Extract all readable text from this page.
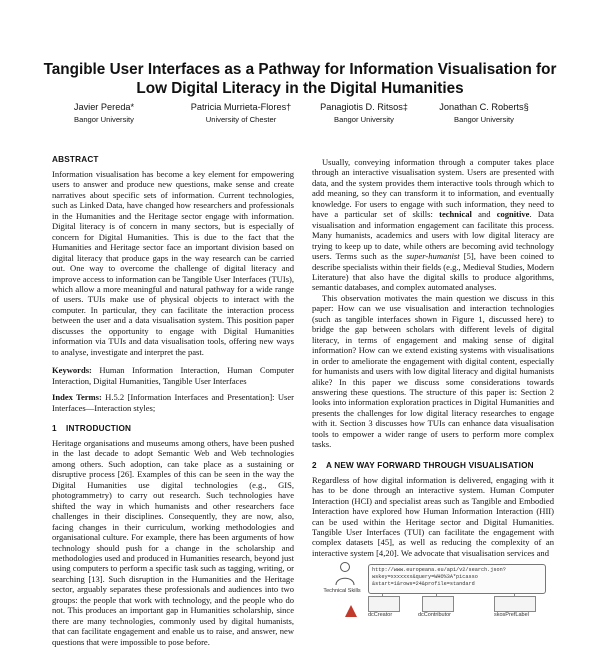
Tangible User Interfaces as a Pathway for Information Visualisation for
Low Digital Literacy in the Digital Humanities
Javier Pereda*
Bangor University
Patricia Murrieta-Flores†
University of Chester
Panagiotis D. Ritsos‡
Bangor University
Jonathan C. Roberts§
Bangor University
ABSTRACT

Information visualisation has become a key element for empowering users to answer and produce new questions, make sense and create narratives about specific sets of information. Current technologies, such as Linked Data, have changed how researchers and professionals in the Humanities and the Heritage sector engage with information. Digital literacy is of concern in many sectors, but is especially of concern for Digital Humanities. This is due to the fact that the Humanities and Heritage sector face an important division based on digital literacy that produce gaps in the way research can be carried out. One way to overcome the challenge of digital literacy and improve access to information can be Tangible User Interfaces (TUIs), which allow a more meaningful and natural pathway for a wide range of users. TUIs make use of physical objects to interact with the computer. In particular, they can facilitate the interaction process between the user and a data visualisation system. This position paper discusses the opportunity to engage with Digital Humanities information via TUIs and data visualisation tools, offering new ways to analyse, investigate and interpret the past.

Keywords: Human Information Interaction, Human Computer Interaction, Digital Humanities, Tangible User Interfaces

Index Terms: H.5.2 [Information Interfaces and Presentation]: User Interfaces—Interaction styles;

1 INTRODUCTION

Heritage organisations and museums among others, have been pushed in the last decade to adopt Semantic Web and Web technologies among others. Such adoption, can take place as a sustaining or disruptive process [26]. Examples of this can be seen in the way the Digital Humanities use digital technologies (e.g., GIS, photogrammetry) to carry out research. Such technologies have shifted the way in which humanists and other researchers face challenges in their disciplines. Consequently, they are now, also, facing changes in their curriculum, working methodologies and organisational culture. For example, there has been arguments of how technology should push for a change in the scholarship and methodologies used and produced in Humanities research, beyond just using computers to perform a specific task such as tagging, writing, or searching [13]. Such disruption in the Humanities and the Heritage sector, arguably separates these professionals and audiences into two groups: the people that work with technology, and the people who do not. This produces an important gap in Humanities scholarship, since there are many technologies, commonly used by digital humanists, that can facilitate engagement and enable us to raise, and answer, new questions that were impossible to pose before.

Usually, conveying information through a computer takes place through an interactive visualisation system. Users are presented with data, and the system provides them interactive tools through which to add meaning, so they can transform it to information, and eventually knowledge. For users to engage with such information, they need to have a particular set of skills: technical and cognitive. Data visualisation and information engagement can facilitate this process. Many humanists, academics and users with low digital literacy are trying to keep up to date, while others are becoming avid technology users. Terms such as the super-humanist [5], have been coined to describe specialists within their fields (e.g., Medieval Studies, Modern Literature) that also have the digital skills to produce algorithms, semantic databases, and complex automated analyses.

This observation motivates the main question we discuss in this paper: How can we use visualisation and interaction technologies (such as tangible interfaces shown in Figure 1, discussed here) to bridge the gap between scholars with different levels of digital literacy, in terms of engagement and making sense of digital information? How can we extend existing systems with visualisations in order to ameliorate the engagement with digital content, especially for humanists and users with low digital literacy and digital humanists alike? In this paper we discuss some considerations towards answering these questions. The structure of this paper is: Section 2 looks into information exploration practices in Digital Humanities and presents the challenges for low digital literacy researches to engage with it. Section 3 discusses how TUIs can enhance data visualisation tools to empower a wider range of users to perform more complex tasks.

2 A NEW WAY FORWARD THROUGH VISUALISATION

Regardless of how digital information is delivered, engaging with it has to be done through an interactive system. Human Computer Interaction (HCI) and specialist areas such as Tangible and Embodied Interaction have explored how Human Information Interaction (HII) can be used within the Heritage sector and Digital Humanities. Tangible User Interfaces (TUI) can facilitate the engagement with complex datasets [45], as well as reducing the complexity of an interactive system [4,20]. We advocate that visualisation services and

Technical Skills
http://www.europeana.eu/api/v2/search.json?
wskey=xxxxxxx&query=WHO%3A*picasso
&start=1&rows=24&profile=standard
dcCreator	dcContributor	skosPrefLabel
